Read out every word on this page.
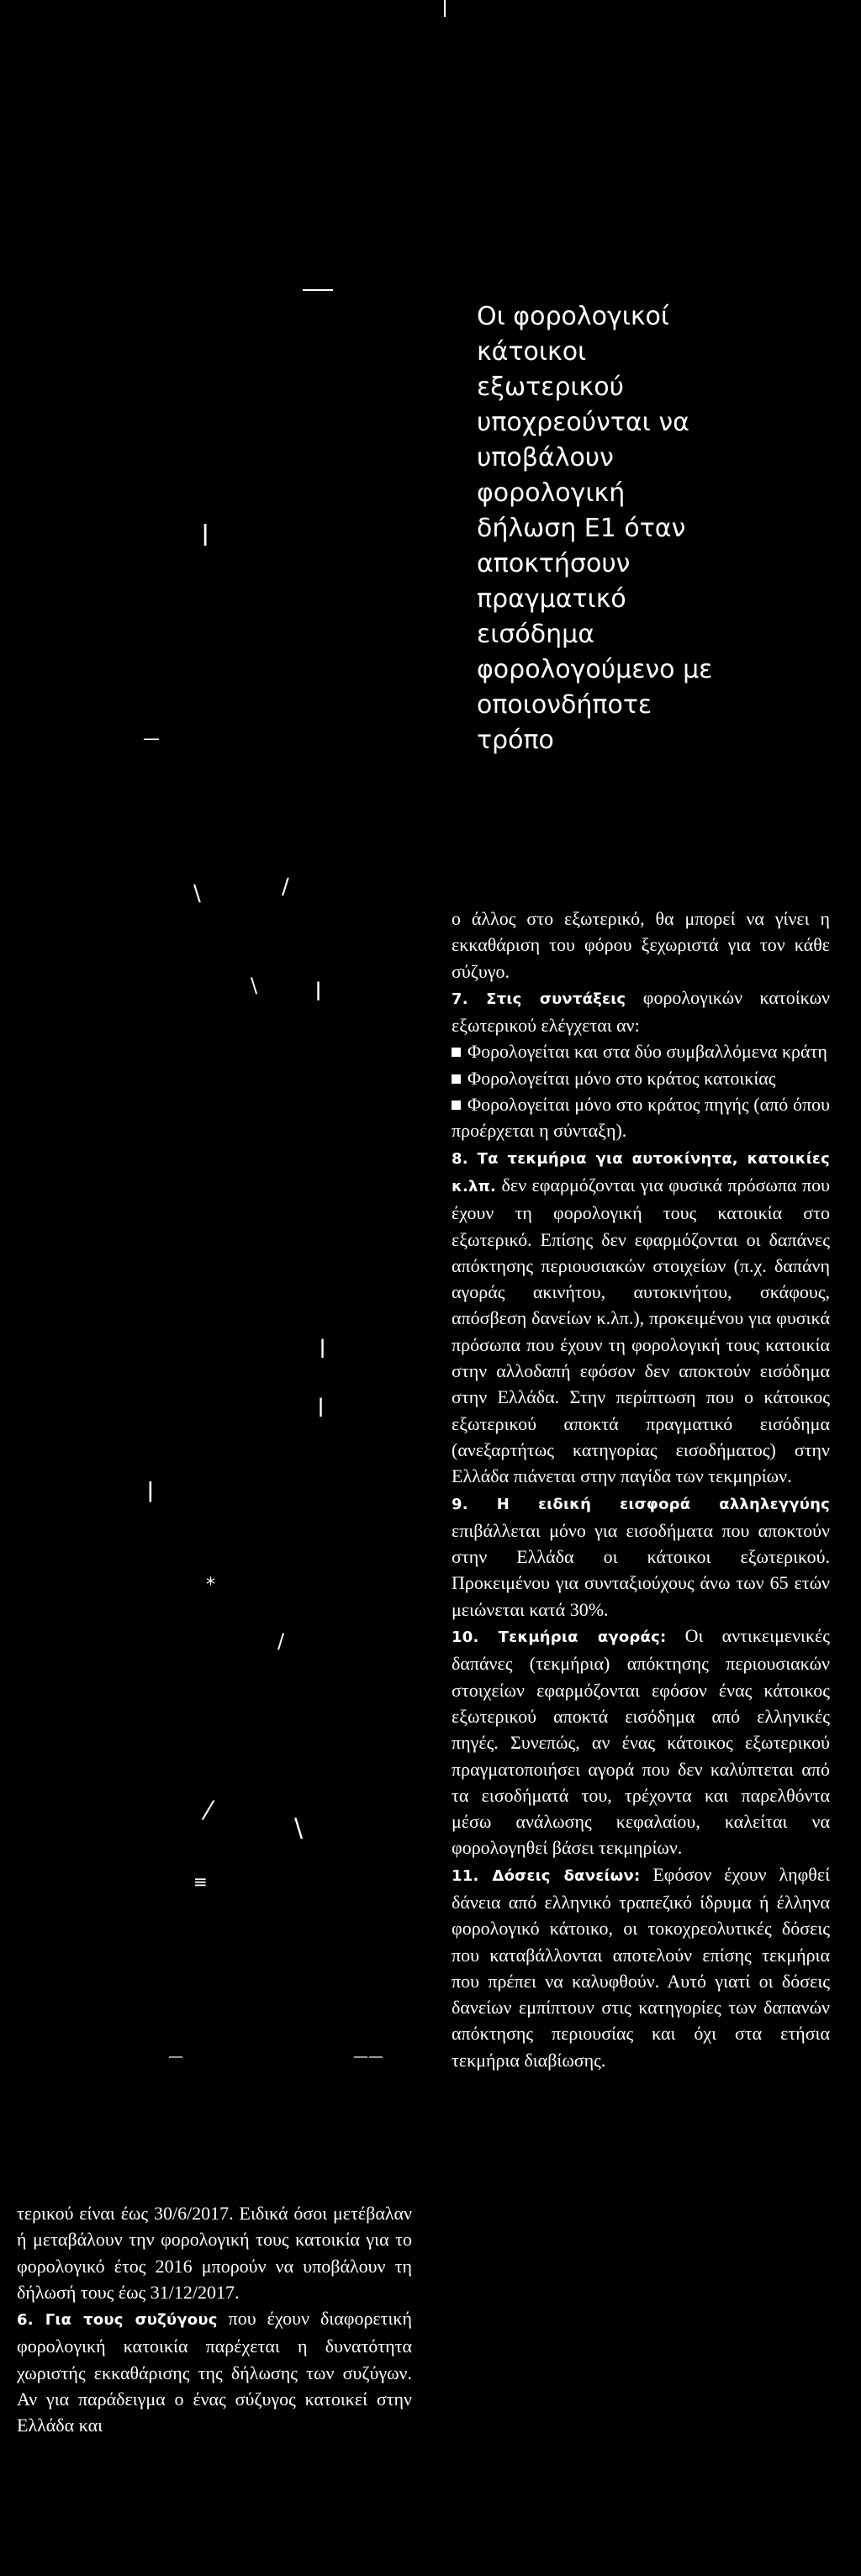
ǀ
—
\	/
\	ǀ
ǀ
ǀ
ǀ
*
/
⁄
\
≡
—	——
Οι φορολογικοί κάτοικοι εξωτερικού υποχρεούνται να υποβάλουν φορολογική δήλωση Ε1 όταν αποκτήσουν πραγματικό εισόδημα φορολογούμενο με οποιονδήποτε τρόπο

ο άλλος στο εξωτερικό, θα μπορεί να γίνει η εκκαθάριση του φόρου ξεχωριστά για τον κάθε σύζυγο.

7. Στις συντάξεις φορολογικών κατοίκων εξωτερικού ελέγχεται αν:

Φορολογείται και στα δύο συμβαλλόμενα κράτη

Φορολογείται μόνο στο κράτος κατοικίας

Φορολογείται μόνο στο κράτος πηγής (από όπου προέρχεται η σύνταξη).

8. Τα τεκμήρια για αυτοκίνητα, κατοικίες κ.λπ. δεν εφαρμόζονται για φυσικά πρόσωπα που έχουν τη φορολογική τους κατοικία στο εξωτερικό. Επίσης δεν εφαρμόζονται οι δαπάνες απόκτησης περιουσιακών στοιχείων (π.χ. δαπάνη αγοράς ακινήτου, αυτοκινήτου, σκάφους, απόσβεση δανείων κ.λπ.), προκειμένου για φυσικά πρόσωπα που έχουν τη φορολογική τους κατοικία στην αλλοδαπή εφόσον δεν αποκτούν εισόδημα στην Ελλάδα. Στην περίπτωση που ο κάτοικος εξωτερικού αποκτά πραγματικό εισόδημα (ανεξαρτήτως κατηγορίας εισοδήματος) στην Ελλάδα πιάνεται στην παγίδα των τεκμηρίων.

9. Η ειδική εισφορά αλληλεγγύης επιβάλλεται μόνο για εισοδήματα που αποκτούν στην Ελλάδα οι κάτοικοι εξωτερικού. Προκειμένου για συνταξιούχους άνω των 65 ετών μειώνεται κατά 30%.

10. Τεκμήρια αγοράς: Οι αντικειμενικές δαπάνες (τεκμήρια) απόκτησης περιουσιακών στοιχείων εφαρμόζονται εφόσον ένας κάτοικος εξωτερικού αποκτά εισόδημα από ελληνικές πηγές. Συνεπώς, αν ένας κάτοικος εξωτερικού πραγματοποιήσει αγορά που δεν καλύπτεται από τα εισοδήματά του, τρέχοντα και παρελθόντα μέσω ανάλωσης κεφαλαίου, καλείται να φορολογηθεί βάσει τεκμηρίων.

11. Δόσεις δανείων: Εφόσον έχουν ληφθεί δάνεια από ελληνικό τραπεζικό ίδρυμα ή έλληνα φορολογικό κάτοικο, οι τοκοχρεολυτικές δόσεις που καταβάλλονται αποτελούν επίσης τεκμήρια που πρέπει να καλυφθούν. Αυτό γιατί οι δόσεις δανείων εμπίπτουν στις κατηγορίες των δαπανών απόκτησης περιουσίας και όχι στα ετήσια τεκμήρια διαβίωσης.

τερικού είναι έως 30/6/2017. Ειδικά όσοι μετέβαλαν ή μεταβάλουν την φορολογική τους κατοικία για το φορολογικό έτος 2016 μπορούν να υποβάλουν τη δήλωσή τους έως 31/12/2017.

6. Για τους συζύγους που έχουν διαφορετική φορολογική κατοικία παρέχεται η δυνατότητα χωριστής εκκαθάρισης της δήλωσης των συζύγων. Αν για παράδειγμα ο ένας σύζυγος κατοικεί στην Ελλάδα και
